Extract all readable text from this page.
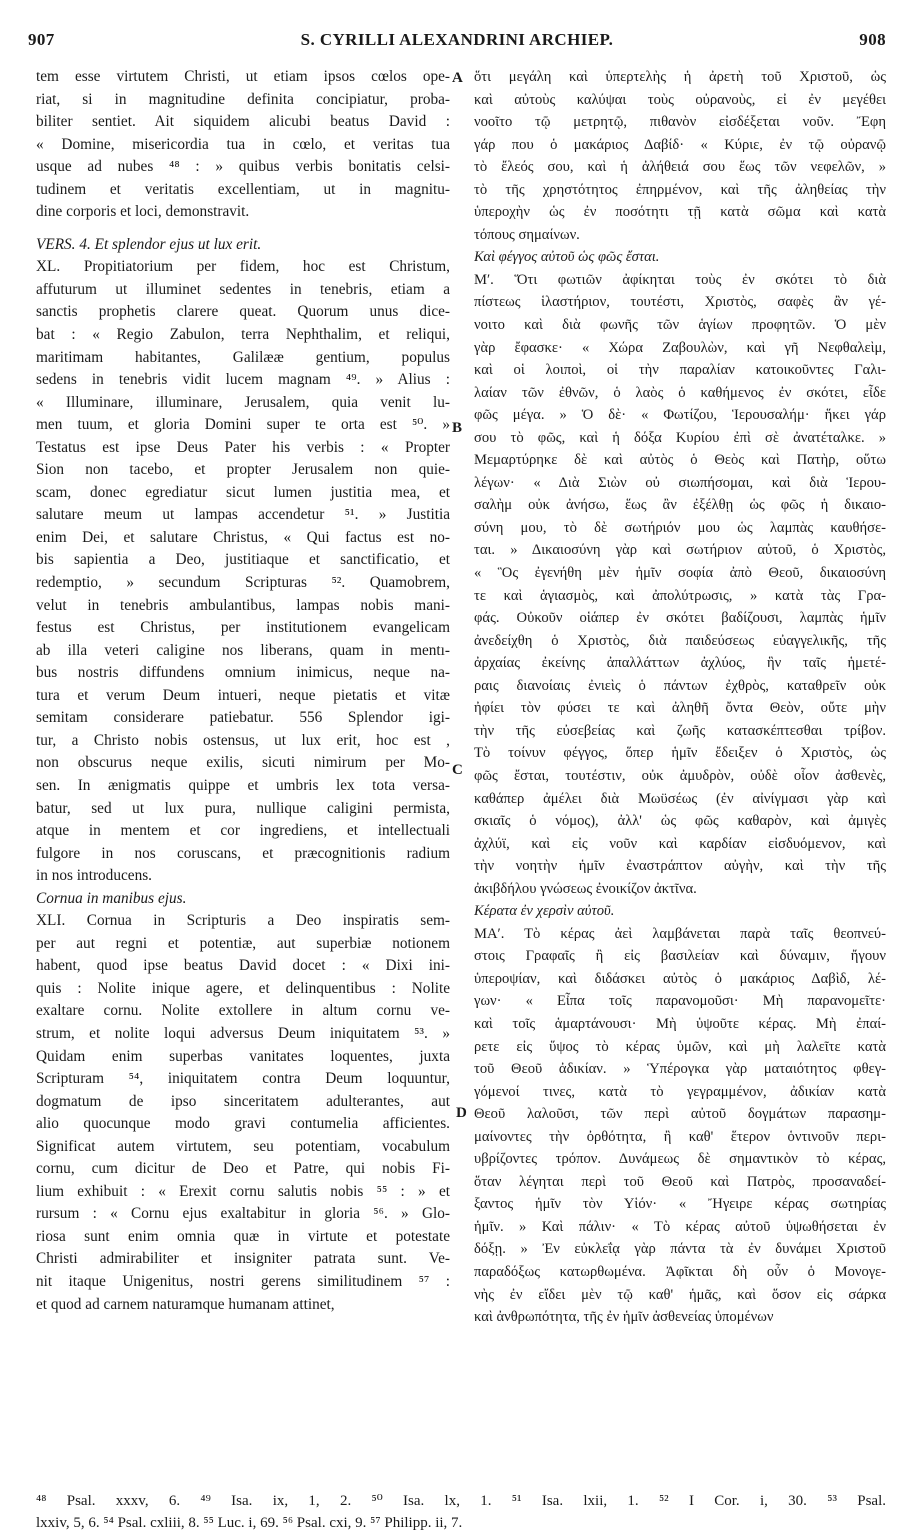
907	S. CYRILLI ALEXANDRINI ARCHIEP.	908
A
B
C
D
tem esse virtutem Christi, ut etiam ipsos cœlos ope-
riat, si in magnitudine definita concipiatur, proba-
biliter sentiet. Ait siquidem alicubi beatus David :
« Domine, misericordia tua in cœlo, et veritas tua
usque ad nubes ⁴⁸ : » quibus verbis bonitatis celsi-
tudinem et veritatis excellentiam, ut in magnitu-
dine corporis et loci, demonstravit.
VERS. 4. Et splendor ejus ut lux erit.
XL. Propitiatorium per fidem, hoc est Christum,
affuturum ut illuminet sedentes in tenebris, etiam a
sanctis prophetis clarere queat. Quorum unus dice-
bat : « Regio Zabulon, terra Nephthalim, et reliqui,
maritimam habitantes, Galilææ gentium, populus
sedens in tenebris vidit lucem magnam ⁴⁹. » Alius :
« Illuminare, illuminare, Jerusalem, quia venit lu-
men tuum, et gloria Domini super te orta est ⁵⁰. »
Testatus est ipse Deus Pater his verbis : « Propter
Sion non tacebo, et propter Jerusalem non quie-
scam, donec egrediatur sicut lumen justitia mea, et
salutare meum ut lampas accendetur ⁵¹. » Justitia
enim Dei, et salutare Christus, « Qui factus est no-
bis sapientia a Deo, justitiaque et sanctificatio, et
redemptio, » secundum Scripturas ⁵². Quamobrem,
velut in tenebris ambulantibus, lampas nobis mani-
festus est Christus, per institutionem evangelicam
ab illa veteri caligine nos liberans, quam in mentı-
bus nostris diffundens omnium inimicus, neque na-
tura et verum Deum intueri, neque pietatis et vitæ
semitam considerare patiebatur. 556 Splendor igi-
tur, a Christo nobis ostensus, ut lux erit, hoc est ,
non obscurus neque exilis, sicuti nimirum per Mo-
sen. In ænigmatis quippe et umbris lex tota versa-
batur, sed ut lux pura, nullique caligini permista,
atque in mentem et cor ingrediens, et intellectuali
fulgore in nos coruscans, et præcognitionis radium
in nos introducens.
Cornua in manibus ejus.
XLI. Cornua in Scripturis a Deo inspiratis sem-
per aut regni et potentiæ, aut superbiæ notionem
habent, quod ipse beatus David docet : « Dixi ini-
quis : Nolite inique agere, et delinquentibus : Nolite
exaltare cornu. Nolite extollere in altum cornu ve-
strum, et nolite loqui adversus Deum iniquitatem ⁵³. »
Quidam enim superbas vanitates loquentes, juxta
Scripturam ⁵⁴, iniquitatem contra Deum loquuntur,
dogmatum de ipso sinceritatem adulterantes, aut
alio quocunque modo gravi contumelia afficientes.
Significat autem virtutem, seu potentiam, vocabulum
cornu, cum dicitur de Deo et Patre, qui nobis Fi-
lium exhibuit : « Erexit cornu salutis nobis ⁵⁵ : » et
rursum : « Cornu ejus exaltabitur in gloria ⁵⁶. » Glo-
riosa sunt enim omnia quæ in virtute et potestate
Christi admirabiliter et insigniter patrata sunt. Ve-
nit itaque Unigenitus, nostri gerens similitudinem ⁵⁷ :
et quod ad carnem naturamque humanam attinet,
ὅτι μεγάλη καὶ ὑπερτελὴς ἡ ἀρετὴ τοῦ Χριστοῦ, ὡς
καὶ αὐτοὺς καλύψαι τοὺς οὐρανοὺς, εἰ ἐν μεγέθει
νοοῖτο τῷ μετρητῷ, πιθανὸν εἰσδέξεται νοῦν. Ἔφη
γάρ που ὁ μακάριος Δαβίδ· « Κύριε, ἐν τῷ οὐρανῷ
τὸ ἔλεός σου, καὶ ἡ ἀλήθειά σου ἕως τῶν νεφελῶν, »
τὸ τῆς χρηστότητος ἐπηρμένον, καὶ τῆς ἀληθείας τὴν
ὑπεροχὴν ὡς ἐν ποσότητι τῇ κατὰ σῶμα καὶ κατὰ
τόπους σημαίνων.
Καὶ φέγγος αὐτοῦ ὡς φῶς ἔσται.
Μʹ. Ὅτι φωτιῶν ἀφίκηται τοὺς ἐν σκότει τὸ διὰ
πίστεως ἱλαστήριον, τουτέστι, Χριστὸς, σαφὲς ἂν γέ-
νοιτο καὶ διὰ φωνῆς τῶν ἁγίων προφητῶν. Ὁ μὲν
γὰρ ἔφασκε· « Χώρα Ζαβουλὼν, καὶ γῆ Νεφθαλεὶμ,
καὶ οἱ λοιποὶ, οἱ τὴν παραλίαν κατοικοῦντες Γαλι-
λαίαν τῶν ἐθνῶν, ὁ λαὸς ὁ καθήμενος ἐν σκότει, εἶδε
φῶς μέγα. » Ὁ δὲ· « Φωτίζου, Ἱερουσαλήμ· ἥκει γάρ
σου τὸ φῶς, καὶ ἡ δόξα Κυρίου ἐπὶ σὲ ἀνατέταλκε. »
Μεμαρτύρηκε δὲ καὶ αὐτὸς ὁ Θεὸς καὶ Πατὴρ, οὕτω
λέγων· « Διὰ Σιὼν οὐ σιωπήσομαι, καὶ διὰ Ἱερου-
σαλὴμ οὐκ ἀνήσω, ἕως ἂν ἐξέλθῃ ὡς φῶς ἡ δικαιο-
σύνη μου, τὸ δὲ σωτήριόν μου ὡς λαμπὰς καυθήσε-
ται. » Δικαιοσύνη γὰρ καὶ σωτήριον αὐτοῦ, ὁ Χριστὸς,
« Ὃς ἐγενήθη μὲν ἡμῖν σοφία ἀπὸ Θεοῦ, δικαιοσύνη
τε καὶ ἁγιασμὸς, καὶ ἀπολύτρωσις, » κατὰ τὰς Γρα-
φάς. Οὐκοῦν οἱάπερ ἐν σκότει βαδίζουσι, λαμπὰς ἡμῖν
ἀνεδείχθη ὁ Χριστὸς, διὰ παιδεύσεως εὐαγγελικῆς, τῆς
ἀρχαίας ἐκείνης ἀπαλλάττων ἀχλύος, ἣν ταῖς ἡμετέ-
ραις διανοίαις ἐνιεὶς ὁ πάντων ἐχθρὸς, καταθρεῖν οὐκ
ἠφίει τὸν φύσει τε καὶ ἀληθῆ ὄντα Θεὸν, οὔτε μὴν
τὴν τῆς εὐσεβείας καὶ ζωῆς κατασκέπτεσθαι τρίβον.
Τὸ τοίνυν φέγγος, ὅπερ ἡμῖν ἔδειξεν ὁ Χριστὸς, ὡς
φῶς ἔσται, τουτέστιν, οὐκ ἀμυδρὸν, οὐδὲ οἷον ἀσθενὲς,
καθάπερ ἀμέλει διὰ Μωϋσέως (ἐν αἰνίγμασι γὰρ καὶ
σκιαῖς ὁ νόμος), ἀλλ' ὡς φῶς καθαρὸν, καὶ ἀμιγὲς
ἀχλύϊ, καὶ εἰς νοῦν καὶ καρδίαν εἰσδυόμενον, καὶ
τὴν νοητὴν ἡμῖν ἐναστράπτον αὐγὴν, καὶ τὴν τῆς
ἀκιβδήλου γνώσεως ἐνοικίζον ἀκτῖνα.
Κέρατα ἐν χερσὶν αὐτοῦ.
ΜΑʹ. Τὸ κέρας ἀεὶ λαμβάνεται παρὰ ταῖς θεοπνεύ-
στοις Γραφαῖς ἢ εἰς βασιλείαν καὶ δύναμιν, ἤγουν
ὑπεροψίαν, καὶ διδάσκει αὐτὸς ὁ μακάριος Δαβὶδ, λέ-
γων· « Εἶπα τοῖς παρανομοῦσι· Μὴ παρανομεῖτε·
καὶ τοῖς ἁμαρτάνουσι· Μὴ ὑψοῦτε κέρας. Μὴ ἐπαί-
ρετε εἰς ὕψος τὸ κέρας ὑμῶν, καὶ μὴ λαλεῖτε κατὰ
τοῦ Θεοῦ ἀδικίαν. » Ὑπέρογκα γὰρ ματαιότητος φθεγ-
γόμενοί τινες, κατὰ τὸ γεγραμμένον, ἀδικίαν κατὰ
Θεοῦ λαλοῦσι, τῶν περὶ αὐτοῦ δογμάτων παρασημ-
μαίνοντες τὴν ὀρθότητα, ἢ καθ' ἕτερον ὁντινοῦν περι-
υβρίζοντες τρόπον. Δυνάμεως δὲ σημαντικὸν τὸ κέρας,
ὅταν λέγηται περὶ τοῦ Θεοῦ καὶ Πατρὸς, προσαναδεί-
ξαντος ἡμῖν τὸν Υἱόν· « Ἤγειρε κέρας σωτηρίας
ἡμῖν. » Καὶ πάλιν· « Τὸ κέρας αὐτοῦ ὑψωθήσεται ἐν
δόξῃ. » Ἐν εὐκλεΐᾳ γὰρ πάντα τὰ ἐν δυνάμει Χριστοῦ
παραδόξως κατωρθωμένα. Ἀφῖκται δὴ οὖν ὁ Μονογε-
νὴς ἐν εἴδει μὲν τῷ καθ' ἡμᾶς, καὶ ὅσον εἰς σάρκα
καὶ ἀνθρωπότητα, τῆς ἐν ἡμῖν ἀσθενείας ὑπομένων
⁴⁸ Psal. xxxv, 6. ⁴⁹ Isa. ix, 1, 2. ⁵⁰ Isa. lx, 1. ⁵¹ Isa. lxii, 1. ⁵² I Cor. i, 30. ⁵³ Psal.
lxxiv, 5, 6. ⁵⁴ Psal. cxliii, 8. ⁵⁵ Luc. i, 69. ⁵⁶ Psal. cxi, 9. ⁵⁷ Philipp. ii, 7.
